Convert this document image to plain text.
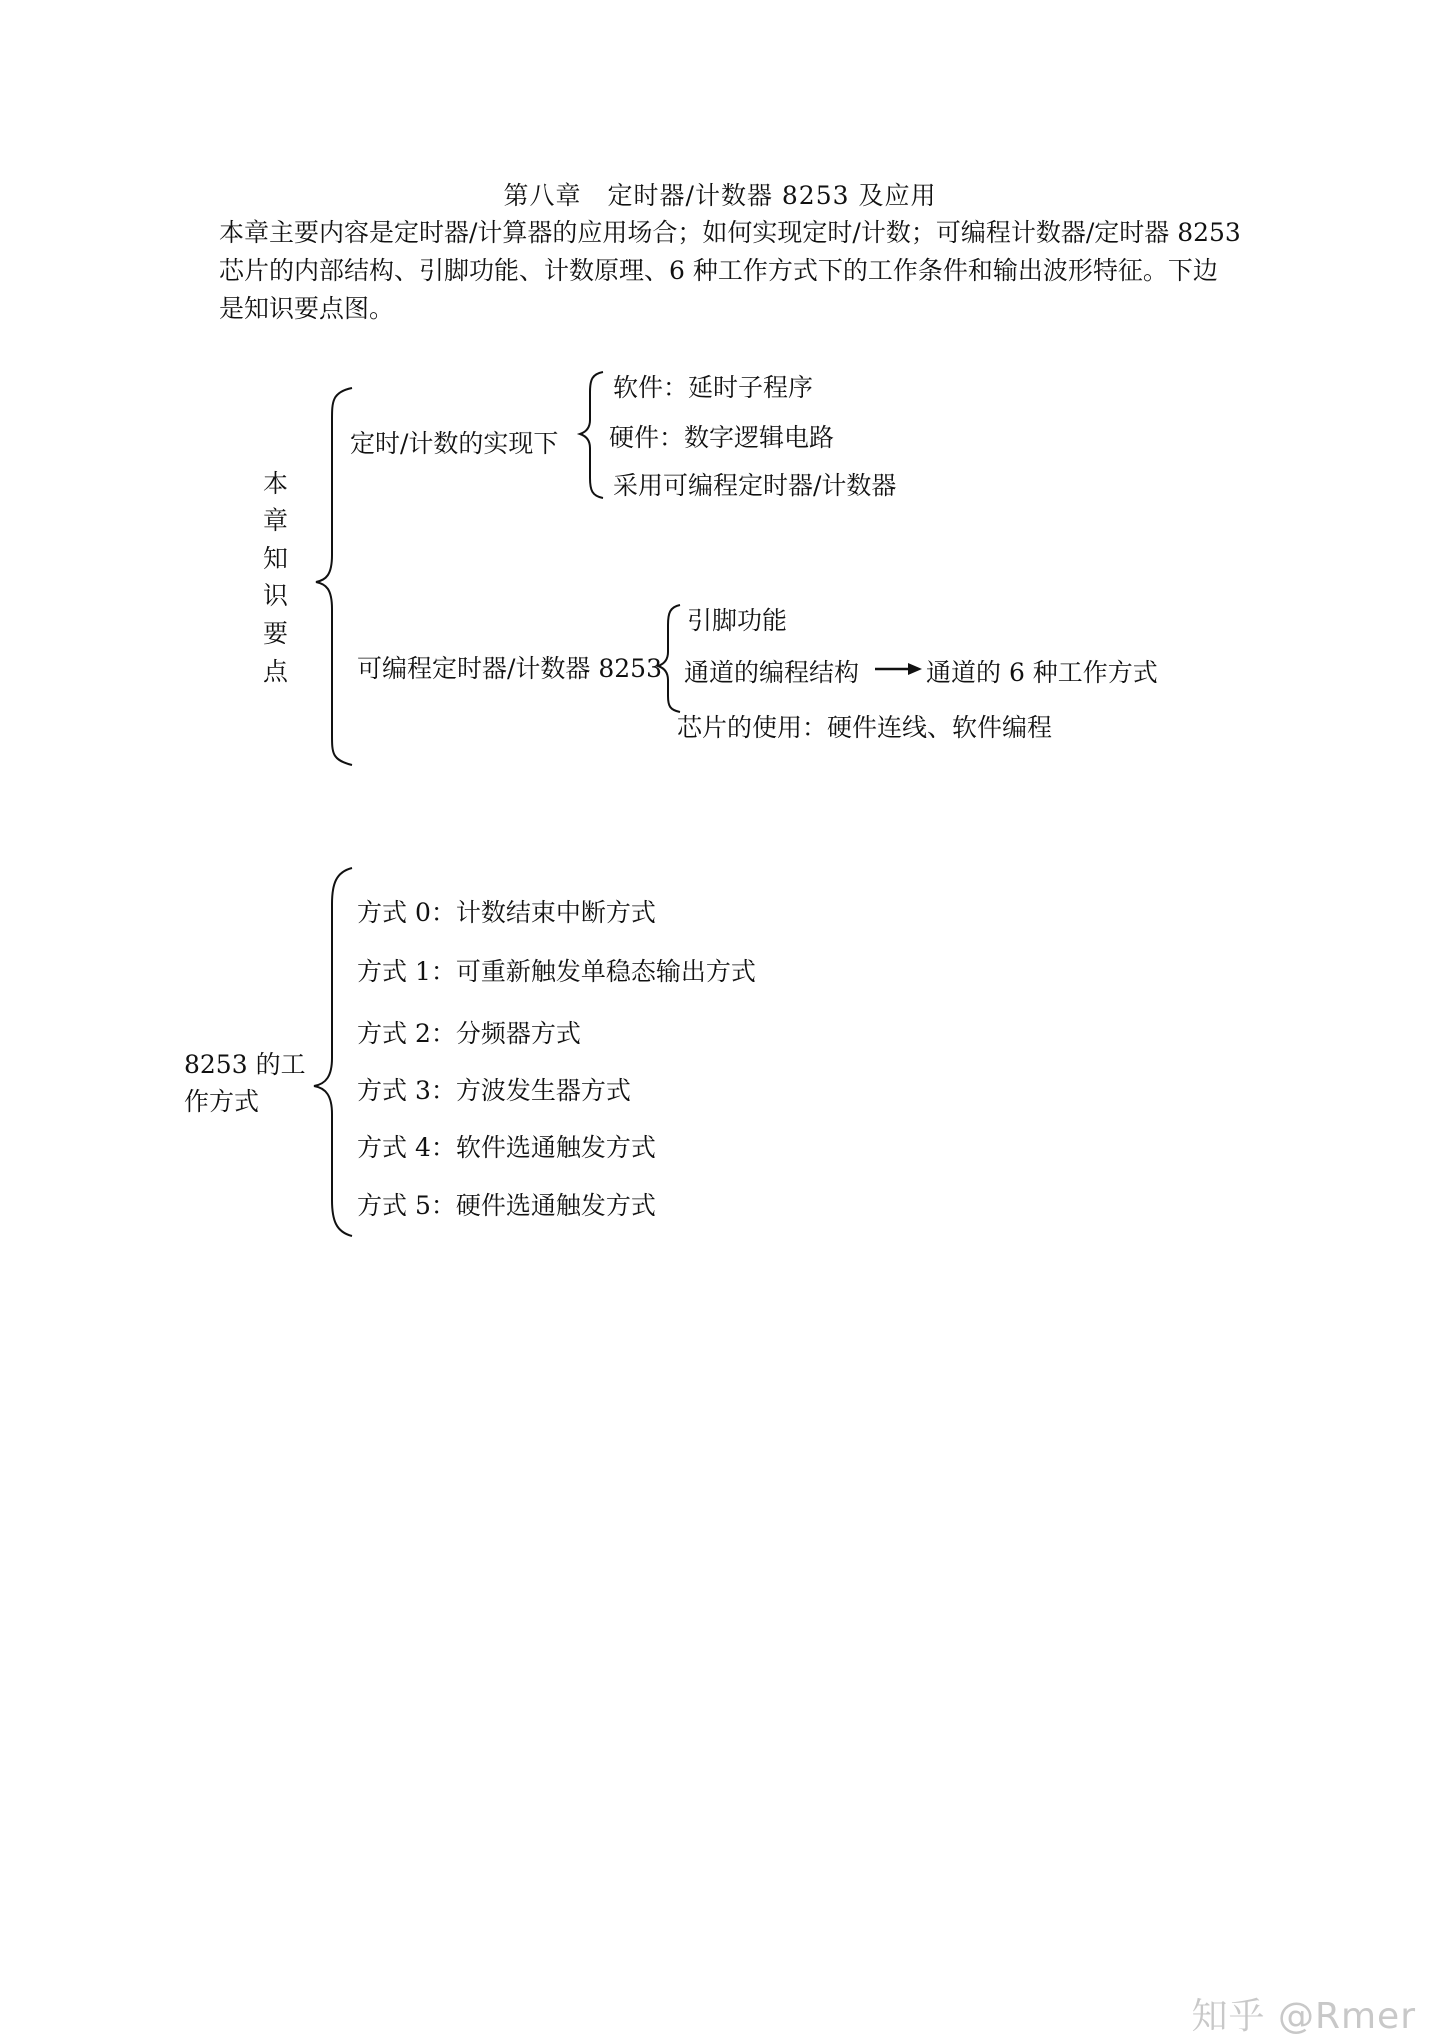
第八章　定时器/计数器 8253 及应用
本章主要内容是定时器/计算器的应用场合；如何实现定时/计数；可编程计数器/定时器 8253
芯片的内部结构、引脚功能、计数原理、6 种工作方式下的工作条件和输出波形特征。下边
是知识要点图。
本
章
知
识
要
点
定时/计数的实现下
软件：延时子程序
硬件：数字逻辑电路
采用可编程定时器/计数器
可编程定时器/计数器 8253
引脚功能
通道的编程结构	通道的 6 种工作方式
芯片的使用：硬件连线、软件编程
8253 的工
作方式
方式 0：计数结束中断方式
方式 1：可重新触发单稳态输出方式
方式 2：分频器方式
方式 3：方波发生器方式
方式 4：软件选通触发方式
方式 5：硬件选通触发方式
知乎 @Rmer
